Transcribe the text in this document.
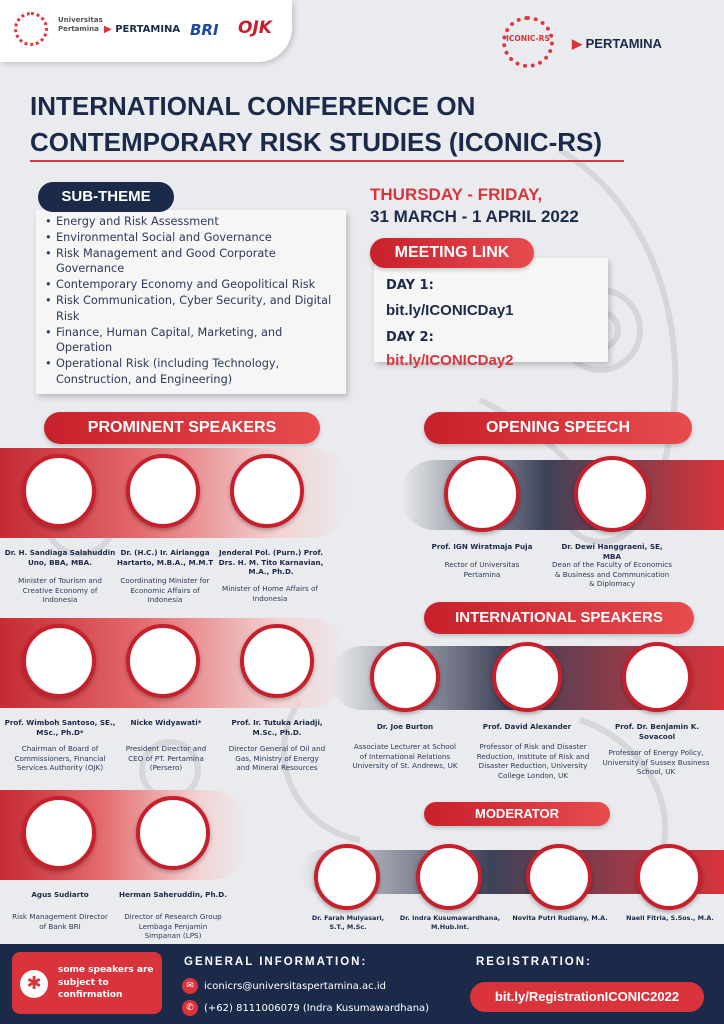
Universitas Pertamina ▶ PERTAMINA BRI OJK
ICONIC-RS ▶ PERTAMINA
INTERNATIONAL CONFERENCE ON
CONTEMPORARY RISK STUDIES (ICONIC-RS)
• Energy and Risk Assessment
• Environmental Social and Governance
• Risk Management and Good Corporate Governance
• Contemporary Economy and Geopolitical Risk
• Risk Communication, Cyber Security, and Digital Risk
• Finance, Human Capital, Marketing, and Operation
• Operational Risk (including Technology, Construction, and Engineering)
SUB-THEME	THURSDAY - FRIDAY,
31 MARCH - 1 APRIL 2022
DAY 1:
bit.ly/ICONICDay1
DAY 2:
bit.ly/ICONICDay2
MEETING LINK
PROMINENT SPEAKERS	OPENING SPEECH
INTERNATIONAL SPEAKERS
MODERATOR
Dr. H. Sandiaga Salahuddin Uno, BBA, MBA.
Minister of Tourism and Creative Economy of Indonesia
Dr. (H.C.) Ir. Airlangga Hartarto, M.B.A., M.M.T
Coordinating Minister for Economic Affairs of Indonesia
Jenderal Pol. (Purn.) Prof. Drs. H. M. Tito Karnavian, M.A., Ph.D.
Minister of Home Affairs of Indonesia
Prof. Wimboh Santoso, SE., MSc., Ph.D*
Chairman of Board of Commissioners, Financial Services Authority (OJK)
Nicke Widyawati*
President Director and CEO of PT. Pertamina (Persero)
Prof. Ir. Tutuka Ariadji, M.Sc., Ph.D.
Director General of Oil and Gas, Ministry of Energy and Mineral Resources
Agus Sudiarto
Risk Management Director of Bank BRI
Herman Saheruddin, Ph.D.
Director of Research Group Lembaga Penjamin Simpanan (LPS)
Prof. IGN Wiratmaja Puja
Rector of Universitas Pertamina
Dr. Dewi Hanggraeni, SE, MBA
Dean of the Faculty of Economics & Business and Communication & Diplomacy
Dr. Joe Burton
Associate Lecturer at School of International Relations University of St. Andrews, UK
Prof. David Alexander
Professor of Risk and Disaster Reduction, Institute of Risk and Disaster Reduction, University College London, UK
Prof. Dr. Benjamin K. Sovacool
Professor of Energy Policy, University of Sussex Business School, UK
Dr. Farah Mulyasari, S.T., M.Sc.
Dr. Indra Kusumawardhana, M.Hub.Int.
Novita Putri Rudiany, M.A.	Naeli Fitria, S.Sos., M.A.
✱
some speakers are subject to confirmation
GENERAL INFORMATION:
✉ iconicrs@universitaspertamina.ac.id
✆ (+62) 8111006079 (Indra Kusumawardhana)
REGISTRATION:
bit.ly/RegistrationICONIC2022
